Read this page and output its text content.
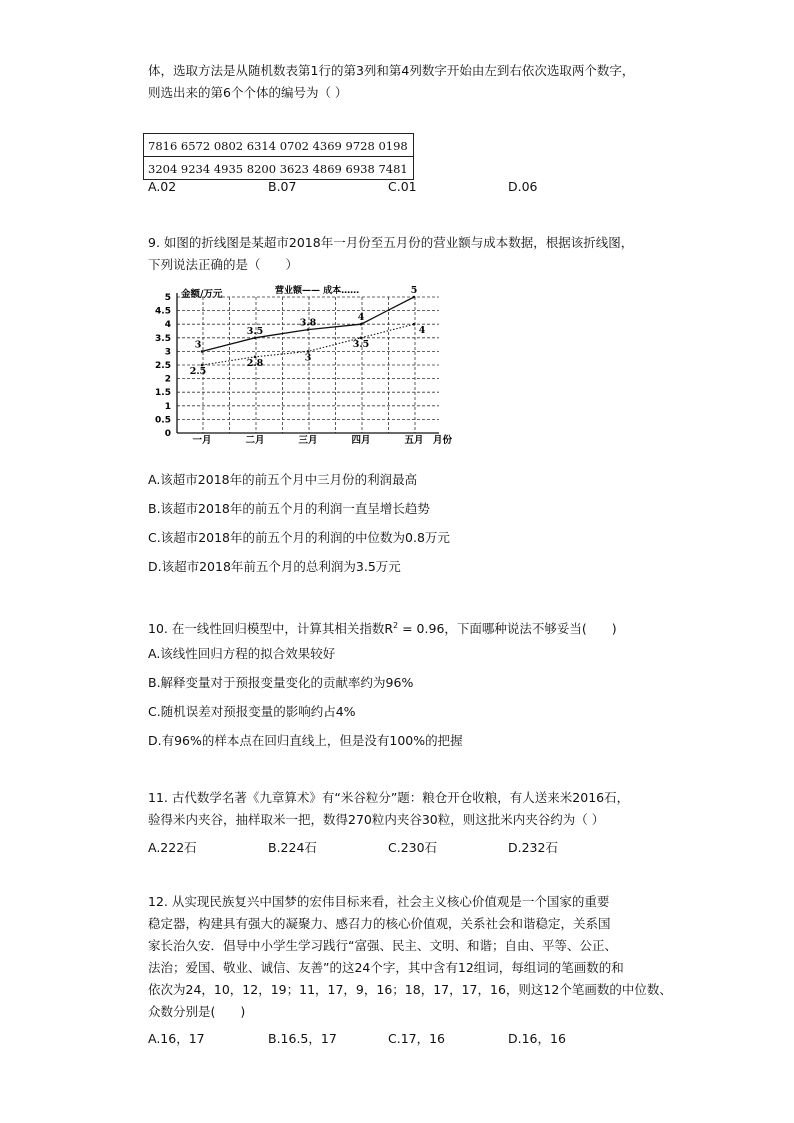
体，选取方法是从随机数表第1行的第3列和第4列数字开始由左到右依次选取两个数字，
则选出来的第6个个体的编号为（ ）
7816 6572 0802 6314 0702 4369 9728 0198
3204 9234 4935 8200 3623 4869 6938 7481
A.02	B.07	C.01	D.06
9. 如图的折线图是某超市2018年一月份至五月份的营业额与成本数据，根据该折线图，
下列说法正确的是（　　）
0
0.5
1
1.5
2
2.5
3
3.5
4
4.5
5
一月	二月	三月	四月	五月
3
3.5
3.8	4
5
2.5
2.8	3
3.5
4
金额/万元	营业额—— 成本……
月份
A.该超市2018年的前五个月中三月份的利润最高
B.该超市2018年的前五个月的利润一直呈增长趋势
C.该超市2018年的前五个月的利润的中位数为0.8万元
D.该超市2018年前五个月的总利润为3.5万元
10. 在一线性回归模型中，计算其相关指数$R^2 = 0.96$，下面哪种说法不够妥当(　　)
A.该线性回归方程的拟合效果较好
B.解释变量对于预报变量变化的贡献率约为96%
C.随机误差对预报变量的影响约占4%
D.有96%的样本点在回归直线上，但是没有100%的把握
11. 古代数学名著《九章算术》有“米谷粒分”题：粮仓开仓收粮，有人送来米2016石，
验得米内夹谷，抽样取米一把，数得270粒内夹谷30粒，则这批米内夹谷约为（ ）
A.222石	B.224石	C.230石	D.232石
12. 从实现民族复兴中国梦的宏伟目标来看，社会主义核心价值观是一个国家的重要
稳定器，构建具有强大的凝聚力、感召力的核心价值观，关系社会和谐稳定，关系国
家长治久安．倡导中小学生学习践行“富强、民主、文明、和谐；自由、平等、公正、
法治；爱国、敬业、诚信、友善”的这24个字，其中含有12组词，每组词的笔画数的和
依次为24，10，12，19；11，17，9，16；18，17，17，16，则这12个笔画数的中位数、
众数分别是(　　)
A.16，17	B.16.5，17	C.17，16	D.16，16
